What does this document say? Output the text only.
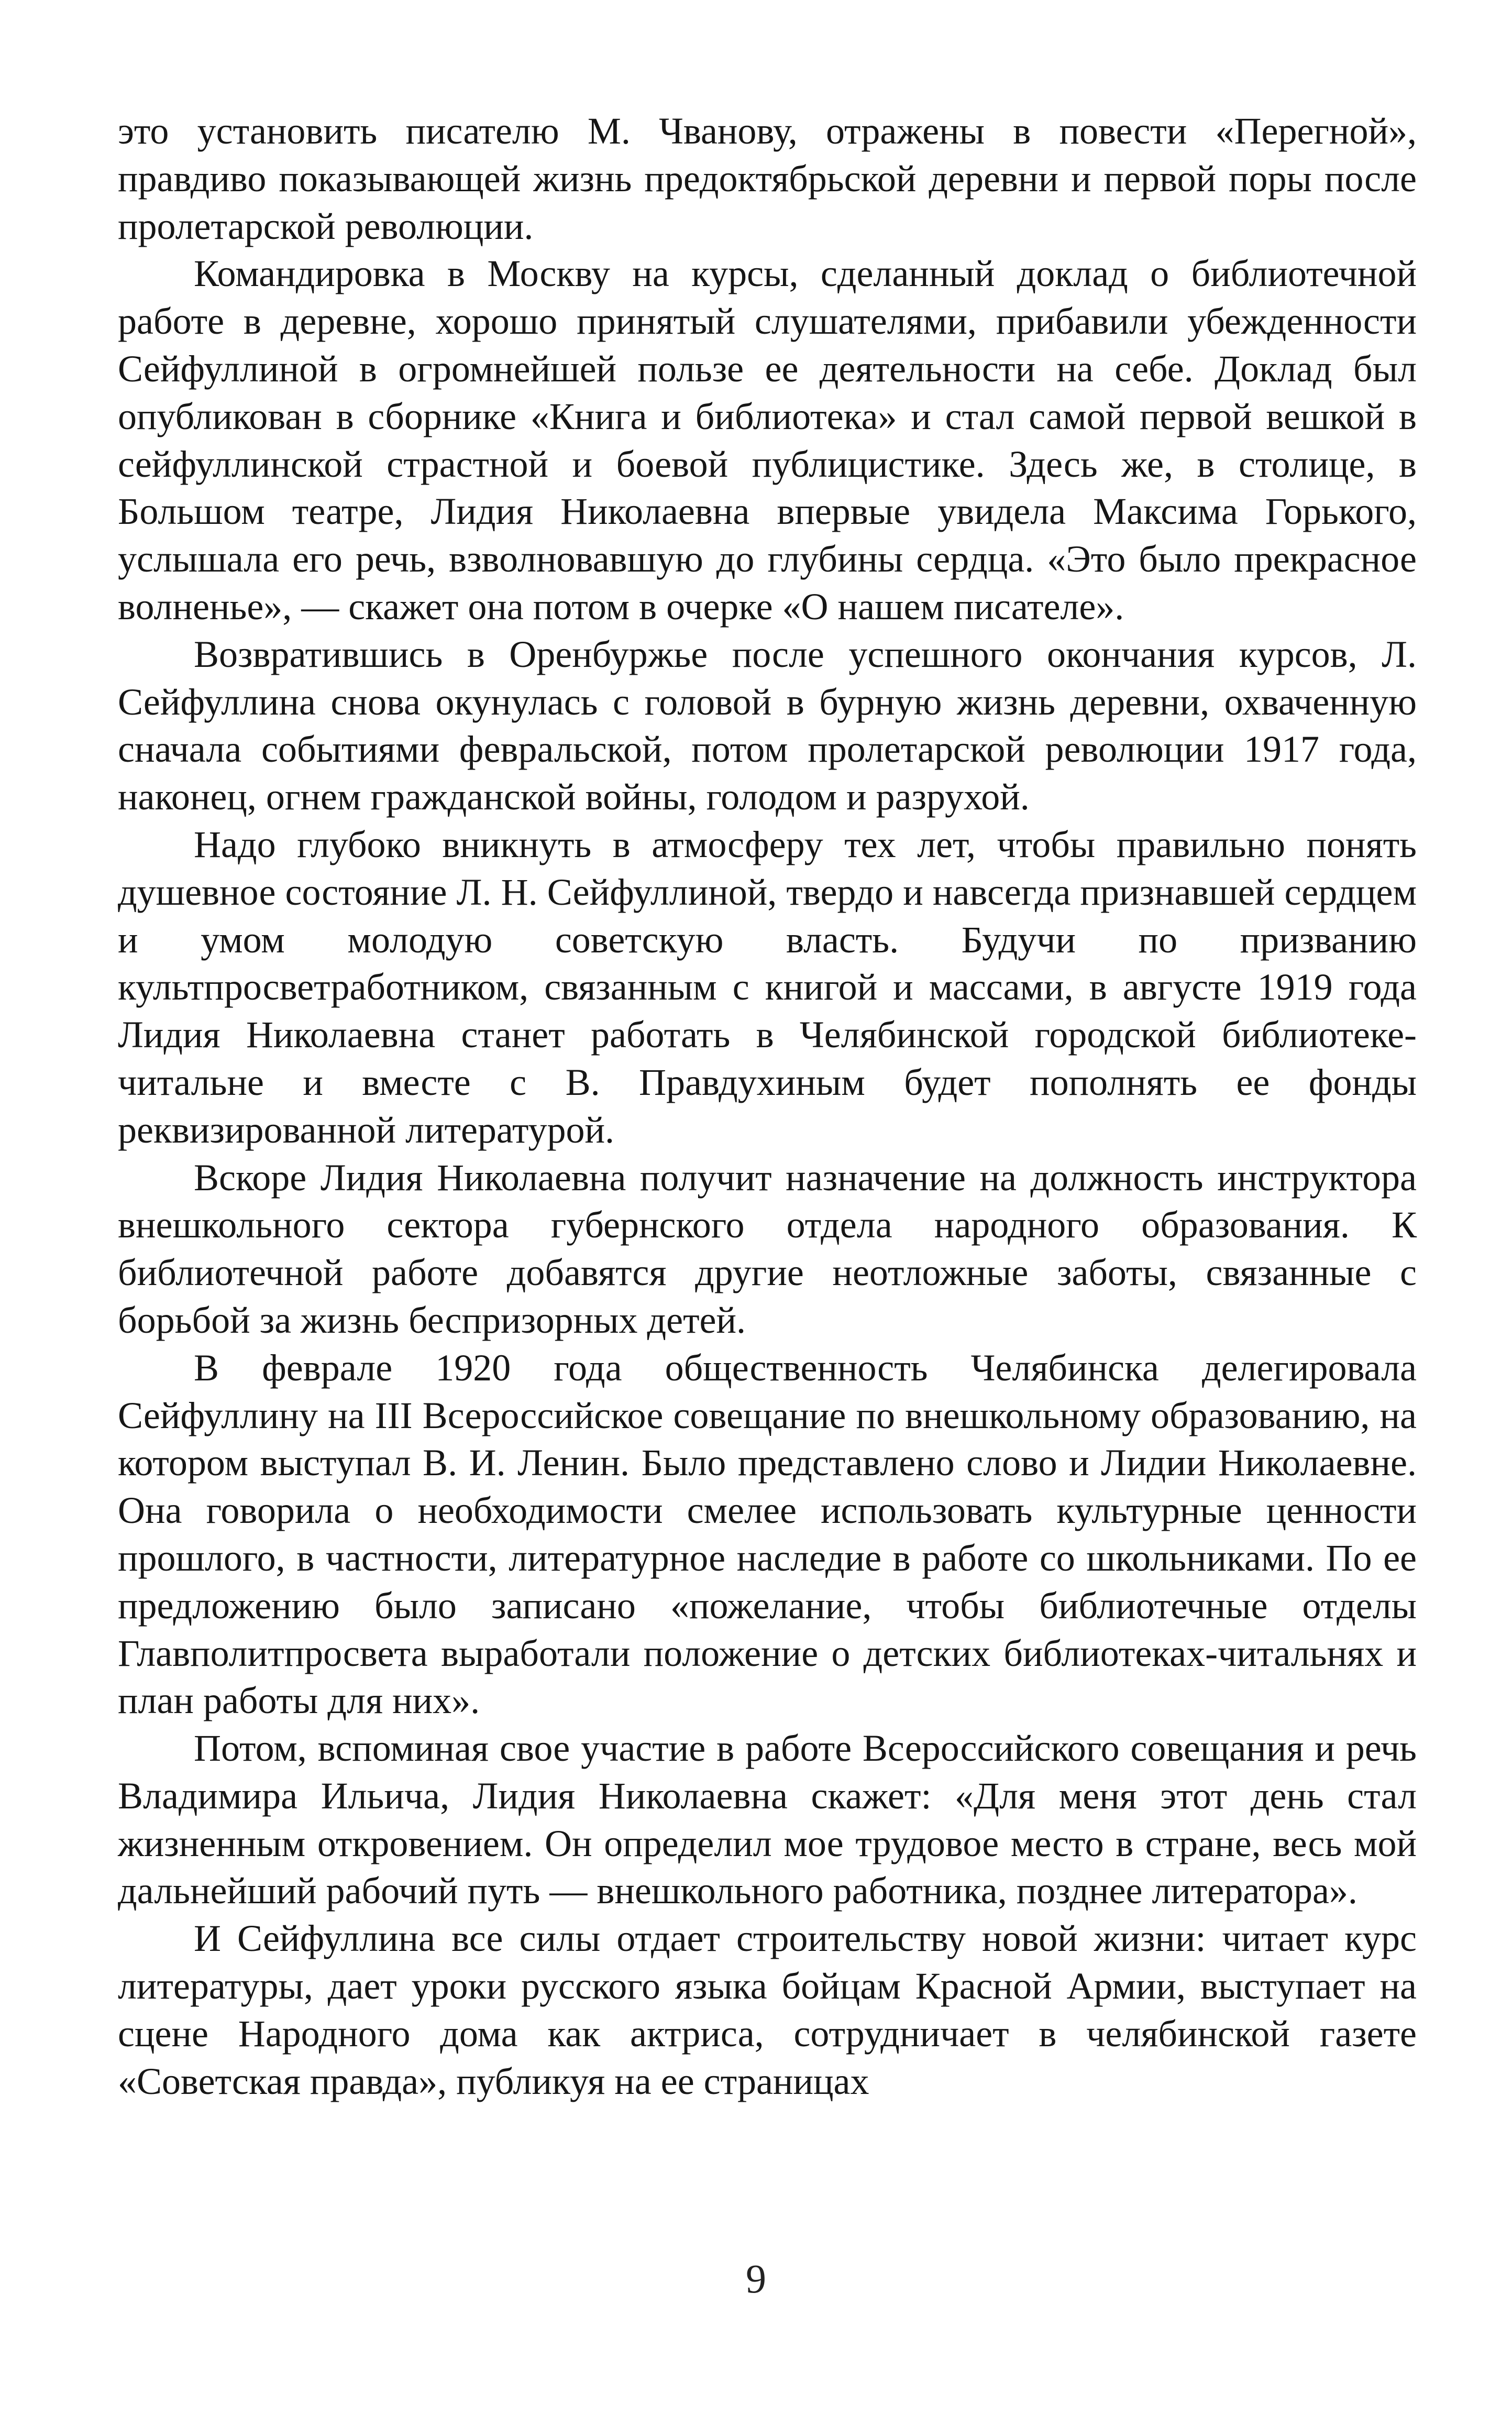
это установить писателю М. Чванову, отражены в повести «Перегной», правдиво показывающей жизнь предоктябрьской деревни и первой поры после пролетарской революции.

Командировка в Москву на курсы, сделанный доклад о библиотечной работе в деревне, хорошо принятый слушателями, прибавили убежденности Сейфуллиной в огромнейшей пользе ее деятельности на себе. Доклад был опубликован в сборнике «Книга и библиотека» и стал самой первой вешкой в сейфуллинской страстной и боевой публицистике. Здесь же, в столице, в Большом театре, Лидия Николаевна впервые увидела Максима Горького, услышала его речь, взволновавшую до глубины сердца. «Это было прекрасное волненье», — скажет она потом в очерке «О нашем писателе».

Возвратившись в Оренбуржье после успешного окончания курсов, Л. Сейфуллина снова окунулась с головой в бурную жизнь деревни, охваченную сначала событиями февральской, потом пролетарской революции 1917 года, наконец, огнем гражданской войны, голодом и разрухой.

Надо глубоко вникнуть в атмосферу тех лет, чтобы правильно понять душевное состояние Л. Н. Сейфуллиной, твердо и навсегда признавшей сердцем и умом молодую советскую власть. Будучи по призванию культпросветработником, связанным с книгой и массами, в августе 1919 года Лидия Николаевна станет работать в Челябинской городской библиотеке-читальне и вместе с В. Правдухиным будет пополнять ее фонды реквизированной литературой.

Вскоре Лидия Николаевна получит назначение на должность инструктора внешкольного сектора губернского отдела народного образования. К библиотечной работе добавятся другие неотложные заботы, связанные с борьбой за жизнь беспризорных детей.

В феврале 1920 года общественность Челябинска делегировала Сейфуллину на III Всероссийское совещание по внешкольному образованию, на котором выступал В. И. Ленин. Было представлено слово и Лидии Николаевне. Она говорила о необходимости смелее использовать культурные ценности прошлого, в частности, литературное наследие в работе со школьниками. По ее предложению было записано «пожелание, чтобы библиотечные отделы Главполитпросвета выработали положение о детских библиотеках-читальнях и план работы для них».

Потом, вспоминая свое участие в работе Всероссийского совещания и речь Владимира Ильича, Лидия Николаевна скажет: «Для меня этот день стал жизненным откровением. Он определил мое трудовое место в стране, весь мой дальнейший рабочий путь — внешкольного работника, позднее литератора».

И Сейфуллина все силы отдает строительству новой жизни: читает курс литературы, дает уроки русского языка бойцам Красной Армии, выступает на сцене Народного дома как актриса, сотрудничает в челябинской газете «Советская правда», публикуя на ее страницах

9
